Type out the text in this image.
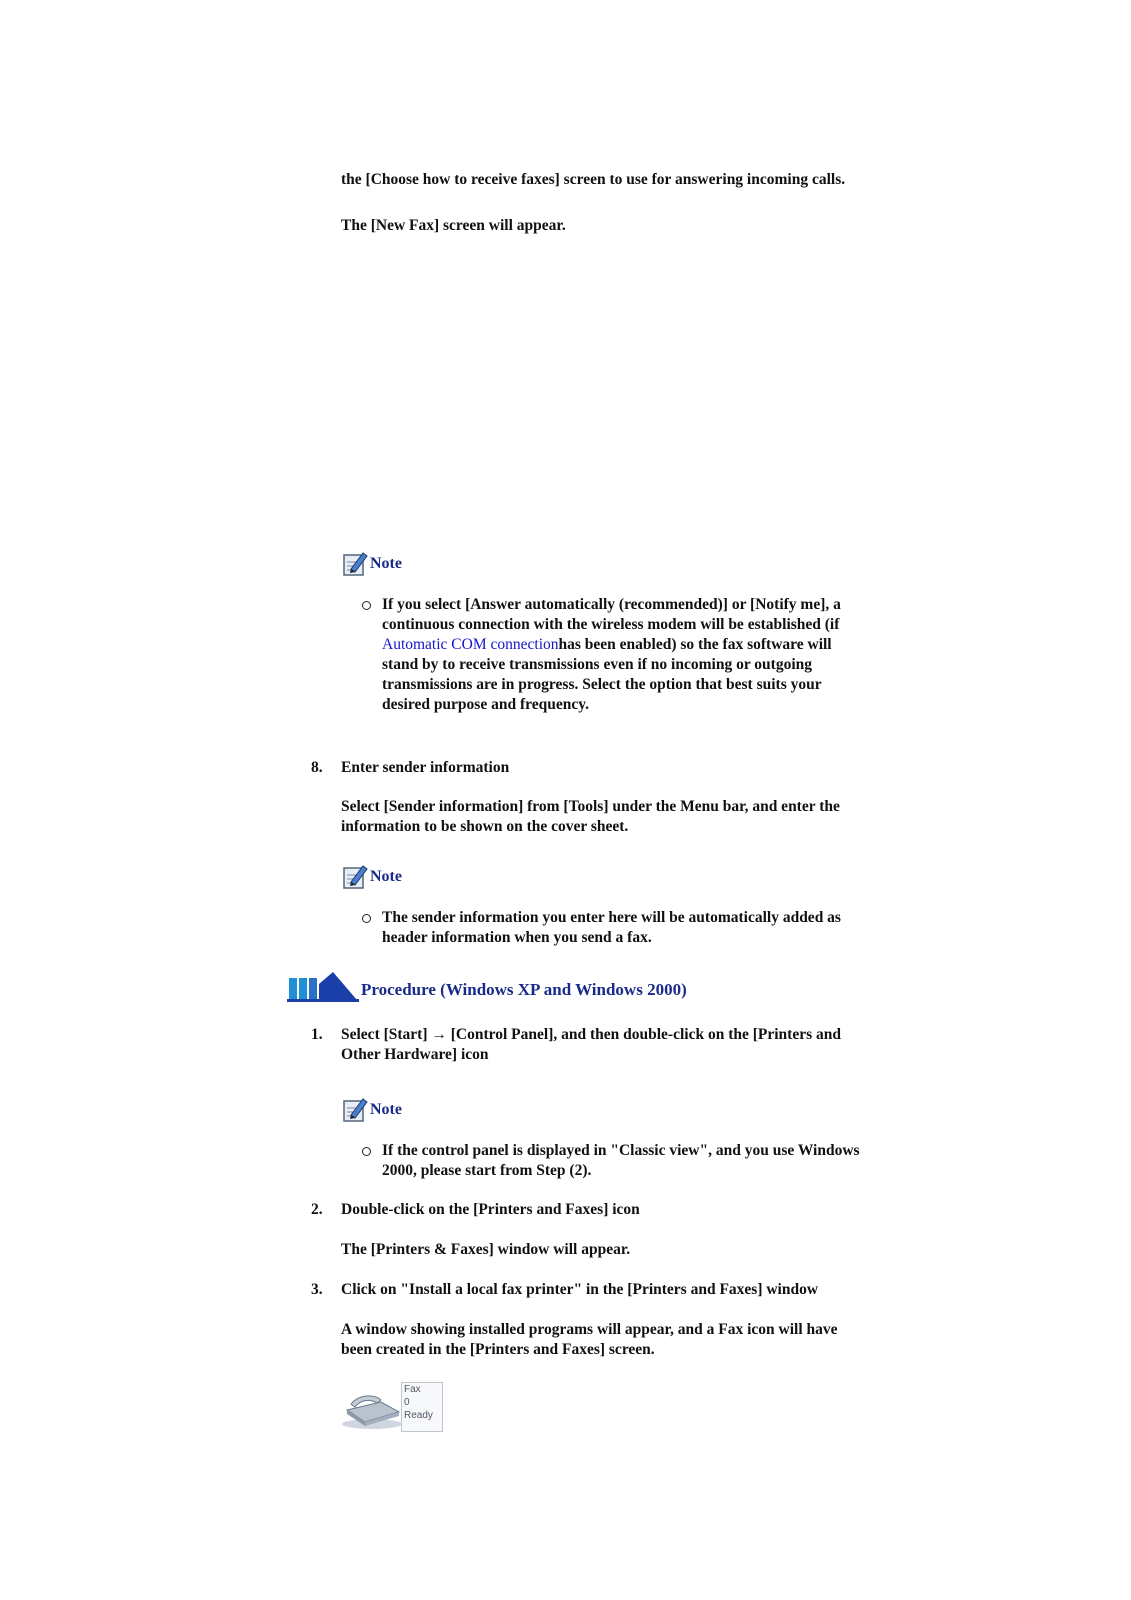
the [Choose how to receive faxes] screen to use for answering incoming calls.
The [New Fax] screen will appear.
Note
If you select [Answer automatically (recommended)] or [Notify me], a
continuous connection with the wireless modem will be established (if
Automatic COM connectionhas been enabled) so the fax software will
stand by to receive transmissions even if no incoming or outgoing
transmissions are in progress. Select the option that best suits your
desired purpose and frequency.
8.	Enter sender information
Select [Sender information] from [Tools] under the Menu bar, and enter the
information to be shown on the cover sheet.
Note
The sender information you enter here will be automatically added as
header information when you send a fax.
Procedure (Windows XP and Windows 2000)
1.	Select [Start] → [Control Panel], and then double-click on the [Printers and
Other Hardware] icon
Note
If the control panel is displayed in "Classic view", and you use Windows
2000, please start from Step (2).
2.	Double-click on the [Printers and Faxes] icon
The [Printers & Faxes] window will appear.
3.	Click on "Install a local fax printer" in the [Printers and Faxes] window
A window showing installed programs will appear, and a Fax icon will have
been created in the [Printers and Faxes] screen.
Fax
0
Ready
